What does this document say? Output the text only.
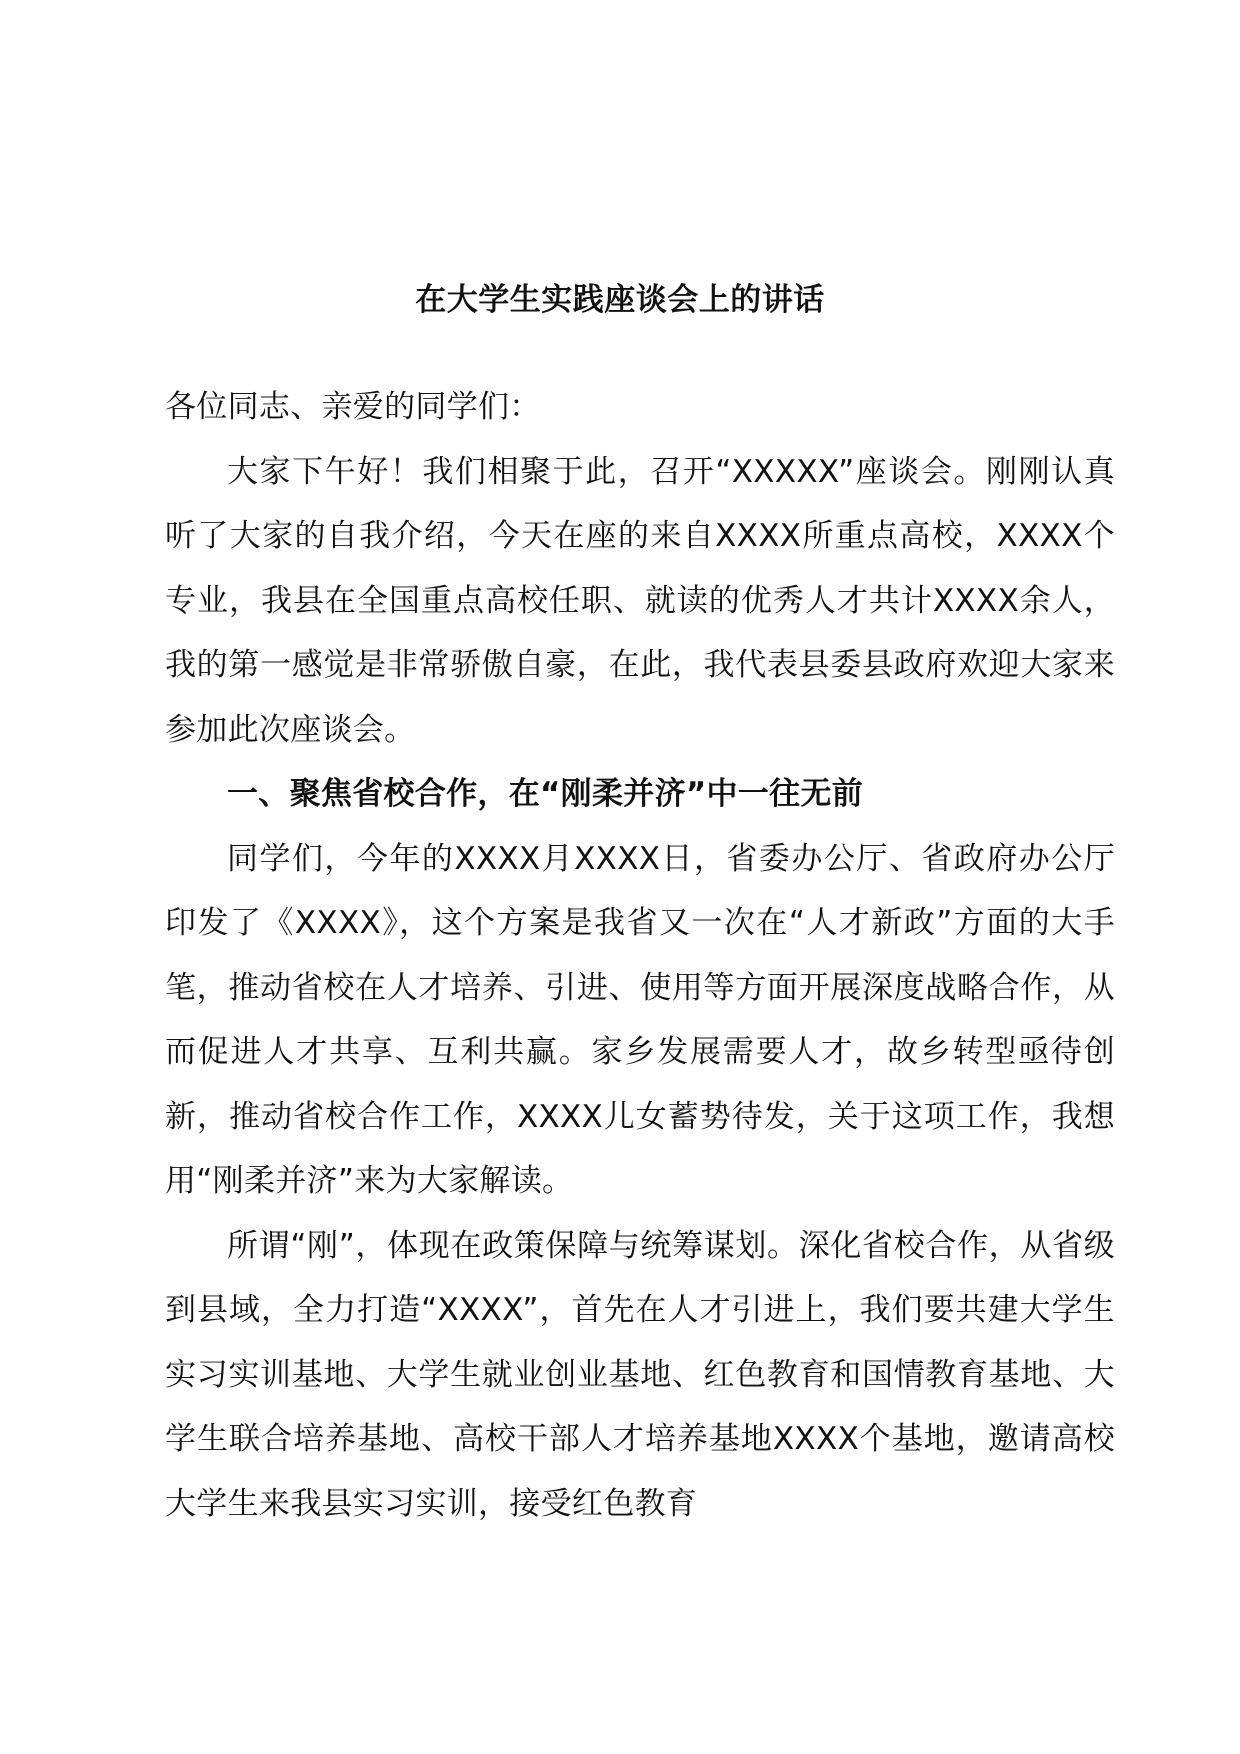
在大学生实践座谈会上的讲话

各位同志、亲爱的同学们：

大家下午好！我们相聚于此，召开“XXXXX”座谈会。刚刚认真听了大家的自我介绍，今天在座的来自XXXX所重点高校，XXXX个专业，我县在全国重点高校任职、就读的优秀人才共计XXXX余人，我的第一感觉是非常骄傲自豪，在此，我代表县委县政府欢迎大家来参加此次座谈会。

一、聚焦省校合作，在“刚柔并济”中一往无前

同学们，今年的XXXX月XXXX日，省委办公厅、省政府办公厅印发了《XXXX》，这个方案是我省又一次在“人才新政”方面的大手笔，推动省校在人才培养、引进、使用等方面开展深度战略合作，从而促进人才共享、互利共赢。家乡发展需要人才，故乡转型亟待创新，推动省校合作工作，XXXX儿女蓄势待发，关于这项工作，我想用“刚柔并济”来为大家解读。

所谓“刚”，体现在政策保障与统筹谋划。深化省校合作，从省级到县域，全力打造“XXXX”，首先在人才引进上，我们要共建大学生实习实训基地、大学生就业创业基地、红色教育和国情教育基地、大学生联合培养基地、高校干部人才培养基地XXXX个基地，邀请高校大学生来我县实习实训，接受红色教育
